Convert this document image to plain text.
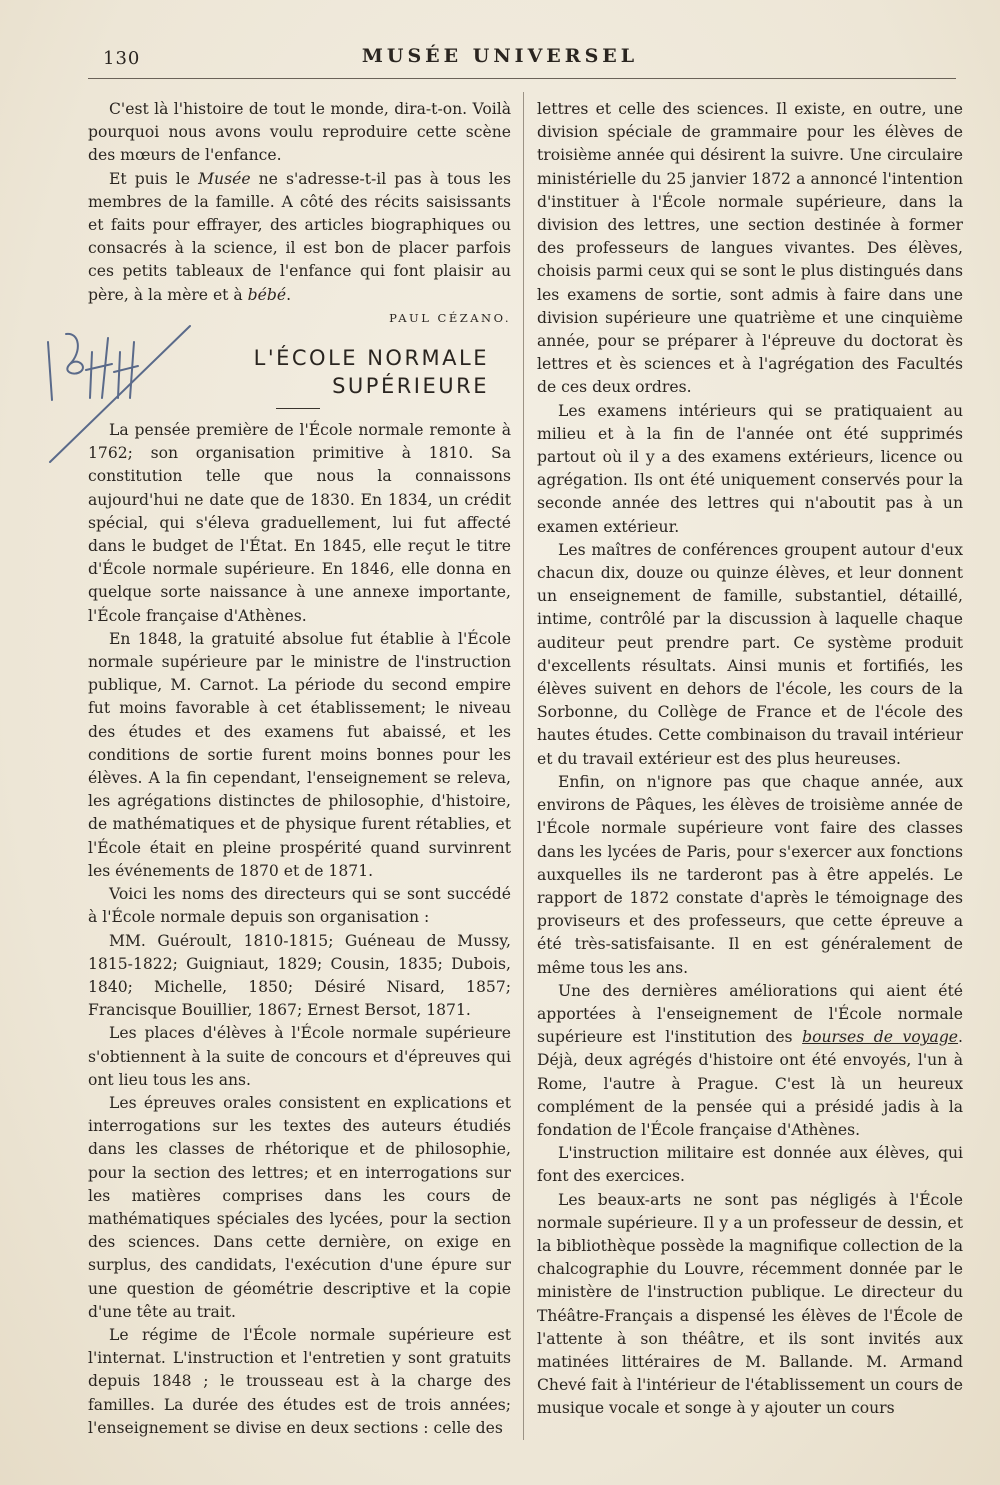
130	MUSÉE UNIVERSEL

C'est là l'histoire de tout le monde, dira-t-on. Voilà pourquoi nous avons voulu reproduire cette scène des mœurs de l'enfance.

Et puis le Musée ne s'adresse-t-il pas à tous les membres de la famille. A côté des récits saisissants et faits pour effrayer, des articles biographiques ou consacrés à la science, il est bon de placer parfois ces petits tableaux de l'enfance qui font plaisir au père, à la mère et à bébé.

PAUL CÉZANO.

L'ÉCOLE NORMALE SUPÉRIEURE

La pensée première de l'École normale remonte à 1762; son organisation primitive à 1810. Sa constitution telle que nous la connaissons aujourd'hui ne date que de 1830. En 1834, un crédit spécial, qui s'éleva graduellement, lui fut affecté dans le budget de l'État. En 1845, elle reçut le titre d'École normale supérieure. En 1846, elle donna en quelque sorte naissance à une annexe importante, l'École française d'Athènes.

En 1848, la gratuité absolue fut établie à l'École normale supérieure par le ministre de l'instruction publique, M. Carnot. La période du second empire fut moins favorable à cet établissement; le niveau des études et des examens fut abaissé, et les conditions de sortie furent moins bonnes pour les élèves. A la fin cependant, l'enseignement se releva, les agrégations distinctes de philosophie, d'histoire, de mathématiques et de physique furent rétablies, et l'École était en pleine prospérité quand survinrent les événements de 1870 et de 1871.

Voici les noms des directeurs qui se sont succédé à l'École normale depuis son organisation :

MM. Guéroult, 1810-1815; Guéneau de Mussy, 1815-1822; Guigniaut, 1829; Cousin, 1835; Dubois, 1840; Michelle, 1850; Désiré Nisard, 1857; Francisque Bouillier, 1867; Ernest Bersot, 1871.

Les places d'élèves à l'École normale supérieure s'obtiennent à la suite de concours et d'épreuves qui ont lieu tous les ans.

Les épreuves orales consistent en explications et interrogations sur les textes des auteurs étudiés dans les classes de rhétorique et de philosophie, pour la section des lettres; et en interrogations sur les matières comprises dans les cours de mathématiques spéciales des lycées, pour la section des sciences. Dans cette dernière, on exige en surplus, des candidats, l'exécution d'une épure sur une question de géométrie descriptive et la copie d'une tête au trait.

Le régime de l'École normale supérieure est l'internat. L'instruction et l'entretien y sont gratuits depuis 1848 ; le trousseau est à la charge des familles. La durée des études est de trois années; l'enseignement se divise en deux sections : celle des

lettres et celle des sciences. Il existe, en outre, une division spéciale de grammaire pour les élèves de troisième année qui désirent la suivre. Une circulaire ministérielle du 25 janvier 1872 a annoncé l'intention d'instituer à l'École normale supérieure, dans la division des lettres, une section destinée à former des professeurs de langues vivantes. Des élèves, choisis parmi ceux qui se sont le plus distingués dans les examens de sortie, sont admis à faire dans une division supérieure une quatrième et une cinquième année, pour se préparer à l'épreuve du doctorat ès lettres et ès sciences et à l'agrégation des Facultés de ces deux ordres.

Les examens intérieurs qui se pratiquaient au milieu et à la fin de l'année ont été supprimés partout où il y a des examens extérieurs, licence ou agrégation. Ils ont été uniquement conservés pour la seconde année des lettres qui n'aboutit pas à un examen extérieur.

Les maîtres de conférences groupent autour d'eux chacun dix, douze ou quinze élèves, et leur donnent un enseignement de famille, substantiel, détaillé, intime, contrôlé par la discussion à laquelle chaque auditeur peut prendre part. Ce système produit d'excellents résultats. Ainsi munis et fortifiés, les élèves suivent en dehors de l'école, les cours de la Sorbonne, du Collège de France et de l'école des hautes études. Cette combinaison du travail intérieur et du travail extérieur est des plus heureuses.

Enfin, on n'ignore pas que chaque année, aux environs de Pâques, les élèves de troisième année de l'École normale supérieure vont faire des classes dans les lycées de Paris, pour s'exercer aux fonctions auxquelles ils ne tarderont pas à être appelés. Le rapport de 1872 constate d'après le témoignage des proviseurs et des professeurs, que cette épreuve a été très-satisfaisante. Il en est généralement de même tous les ans.

Une des dernières améliorations qui aient été apportées à l'enseignement de l'École normale supérieure est l'institution des bourses de voyage. Déjà, deux agrégés d'histoire ont été envoyés, l'un à Rome, l'autre à Prague. C'est là un heureux complément de la pensée qui a présidé jadis à la fondation de l'École française d'Athènes.

L'instruction militaire est donnée aux élèves, qui font des exercices.

Les beaux-arts ne sont pas négligés à l'École normale supérieure. Il y a un professeur de dessin, et la bibliothèque possède la magnifique collection de la chalcographie du Louvre, récemment donnée par le ministère de l'instruction publique. Le directeur du Théâtre-Français a dispensé les élèves de l'École de l'attente à son théâtre, et ils sont invités aux matinées littéraires de M. Ballande. M. Armand Chevé fait à l'intérieur de l'établissement un cours de musique vocale et songe à y ajouter un cours
